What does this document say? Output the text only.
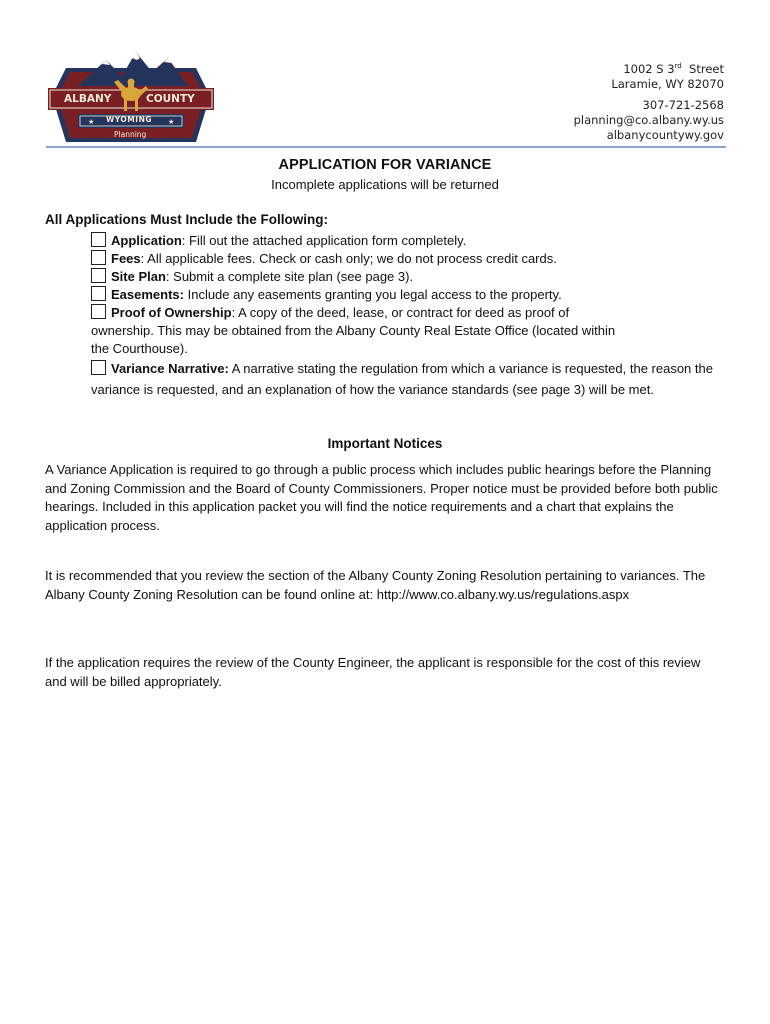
★	★
ALBANY	COUNTY
WYOMING
Planning
1002 S 3rd Street
Laramie, WY 82070
307-721-2568
planning@co.albany.wy.us
albanycountywy.gov
APPLICATION FOR VARIANCE
Incomplete applications will be returned
All Applications Must Include the Following:

Application: Fill out the attached application form completely.

Fees: All applicable fees. Check or cash only; we do not process credit cards.

Site Plan: Submit a complete site plan (see page 3).

Easements: Include any easements granting you legal access to the property.

Proof of Ownership: A copy of the deed, lease, or contract for deed as proof of ownership. This may be obtained from the Albany County Real Estate Office (located within the Courthouse).

Variance Narrative: A narrative stating the regulation from which a variance is requested, the reason the variance is requested, and an explanation of how the variance standards (see page 3) will be met.

Important Notices
A Variance Application is required to go through a public process which includes public hearings before the Planning and Zoning Commission and the Board of County Commissioners. Proper notice must be provided before both public hearings. Included in this application packet you will find the notice requirements and a chart that explains the application process.
It is recommended that you review the section of the Albany County Zoning Resolution pertaining to variances. The Albany County Zoning Resolution can be found online at: http://www.co.albany.wy.us/regulations.aspx
If the application requires the review of the County Engineer, the applicant is responsible for the cost of this review and will be billed appropriately.
